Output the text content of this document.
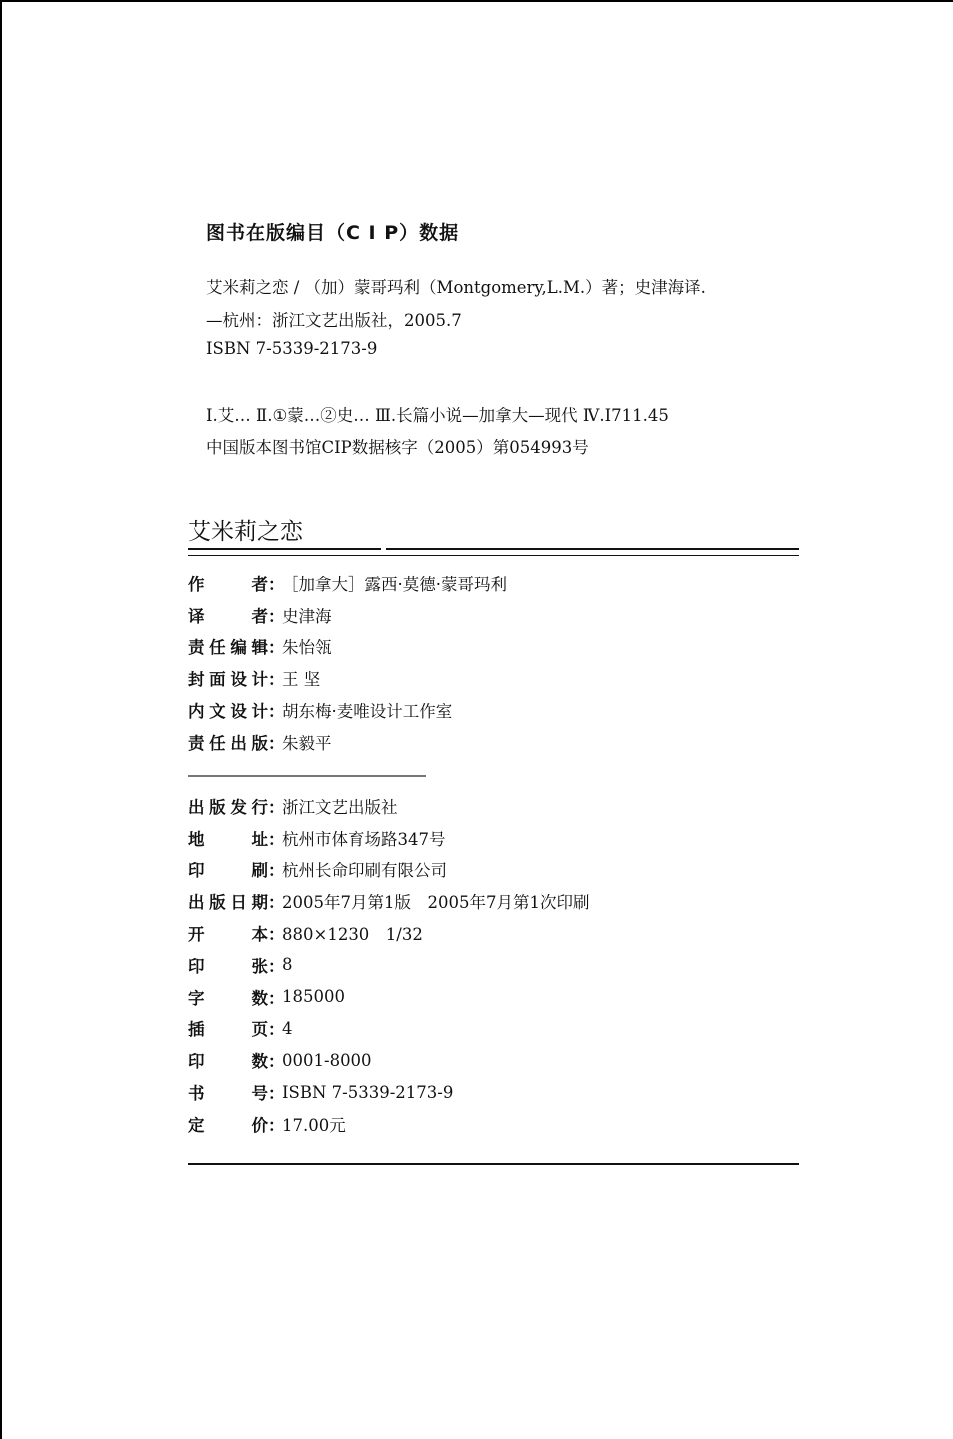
图书在版编目（C I P）数据
艾米莉之恋 / （加）蒙哥玛利（Montgomery,L.M.）著；史津海译.
—杭州：浙江文艺出版社，2005.7
ISBN 7-5339-2173-9
Ⅰ.艾… Ⅱ.①蒙…②史… Ⅲ.长篇小说—加拿大—现代 Ⅳ.I711.45
中国版本图书馆CIP数据核字（2005）第054993号
艾米莉之恋
作	者 ：
［加拿大］露西·莫德·蒙哥玛利
译	者 ：
史津海
责 任 编 辑 ：
朱怡瓴
封 面 设 计 ：
王 坚
内 文 设 计 ：
胡东梅·麦唯设计工作室
责 任 出 版 ：
朱毅平
出 版 发 行 ：
浙江文艺出版社
地	址 ：
杭州市体育场路347号
印	刷 ：
杭州长命印刷有限公司
出 版 日 期 ：
2005年7月第1版　2005年7月第1次印刷
开	本 ：
880×1230　1/32
印	张 ：
8
字	数 ：
185000
插	页 ：
4
印	数 ：
0001-8000
书	号 ：
ISBN 7-5339-2173-9
定	价 ：
17.00元
